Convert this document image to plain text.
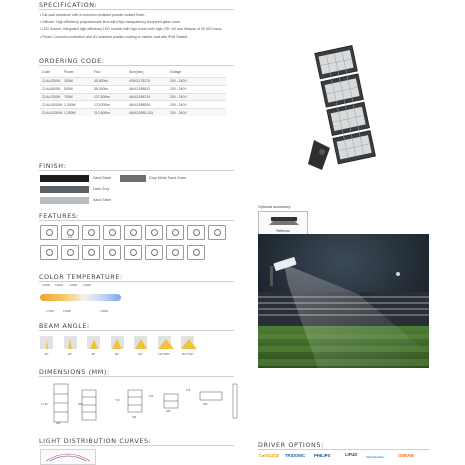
SPECIFICATION:
• Die-cast aluminum with a corrosion-resistant powder-coated finish.
• Diffuser: High efficiency polycarbonate lens with High-transparency tempered glass cover.
• LED Source: Integrated high-efficiency LED module with high lumen with high CRI >90 and lifespan of 50,000 hours.
• Finish: Corrosion protection and UV-resistant powder coating or marine coat with IP66 Sealed.
ORDERING CODE:
Code	Power	Flux	Size(mm)	Voltage
CLALI250W	250W	45,500lm	405X1178276	200 - 240V
CLALI500W	500W	85,000lm	464X1598512	200 - 240V
CLALI750W	750W	127,500lm	464X1598719	200 - 240V
CLALI1000W 1,000W	170,000lm	464X1598926	200 - 240V
CLALI1250W 1,250W	212,500lm	464X15983,133	200 - 240V
FINISH:
Sand Black
Dark Grey
Sand Silver
Gray Metal Sand Grain
FEATURES:
IK08
COLOR TEMPERATURE:
2,200K 3,000K 4,000K 5,000K
2,700K	3,500K	4,500K
BEAM ANGLE:
15°	25°	45°	60°	90°	110°X55°	110°X60°
DIMENSIONS (MM):
1,133	926
719
512
276
464
464
464
405
LIGHT DISTRIBUTION CURVES:
Optional accessory:
Reflector
DRIVER OPTIONS:
C●OLUCE TRIDONIC PHILIPS	LIFUD	inventronics	OSRAM
